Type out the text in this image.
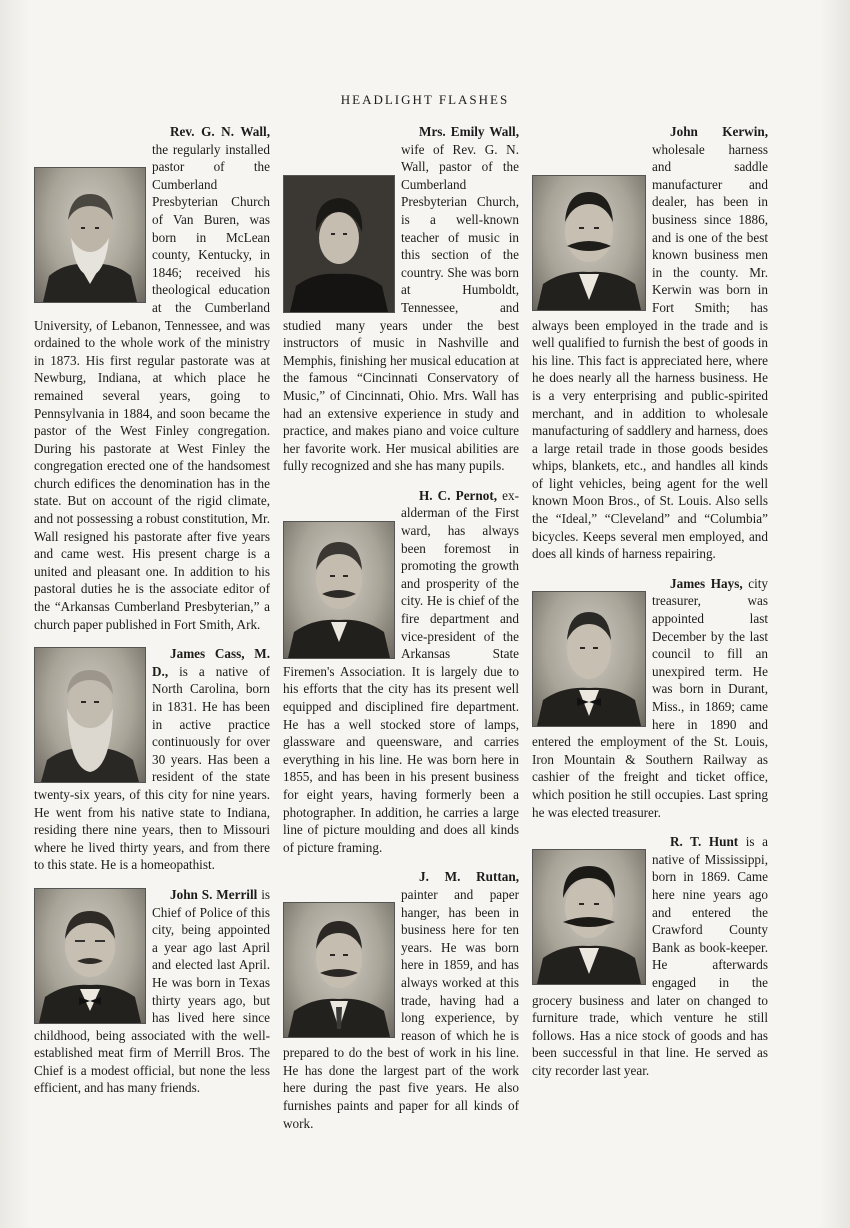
HEADLIGHT FLASHES

Rev. G. N. Wall, the regularly installed pastor of the Cumberland Presbyterian Church of Van Buren, was born in McLean county, Kentucky, in 1846; received his theological education at the Cumberland University, of Lebanon, Tennessee, and was ordained to the whole work of the ministry in 1873. His first regular pastorate was at Newburg, Indiana, at which place he remained several years, going to Pennsylvania in 1884, and soon became the pastor of the West Finley congregation. During his pastorate at West Finley the congregation erected one of the handsomest church edifices the denomination has in the state. But on account of the rigid climate, and not possessing a robust constitution, Mr. Wall resigned his pastorate after five years and came west. His present charge is a united and pleasant one. In addition to his pastoral duties he is the associate editor of the “Arkansas Cumberland Presbyterian,” a church paper published in Fort Smith, Ark.

James Cass, M. D., is a native of North Carolina, born in 1831. He has been in active practice continuously for over 30 years. Has been a resident of the state twenty-six years, of this city for nine years. He went from his native state to Indiana, residing there nine years, then to Missouri where he lived thirty years, and from there to this state. He is a homeopathist.

John S. Merrill is Chief of Police of this city, being appointed a year ago last April and elected last April. He was born in Texas thirty years ago, but has lived here since childhood, being associated with the well-established meat firm of Merrill Bros. The Chief is a modest official, but none the less efficient, and has many friends.

Mrs. Emily Wall, wife of Rev. G. N. Wall, pastor of the Cumberland Presbyterian Church, is a well-known teacher of music in this section of the country. She was born at Humboldt, Tennessee, and studied many years under the best instructors of music in Nashville and Memphis, finishing her musical education at the famous “Cincinnati Conservatory of Music,” of Cincinnati, Ohio. Mrs. Wall has had an extensive experience in study and practice, and makes piano and voice culture her favorite work. Her musical abilities are fully recognized and she has many pupils.

H. C. Pernot, ex-alderman of the First ward, has always been foremost in promoting the growth and prosperity of the city. He is chief of the fire department and vice-president of the Arkansas State Firemen's Association. It is largely due to his efforts that the city has its present well equipped and disciplined fire department. He has a well stocked store of lamps, glassware and queensware, and carries everything in his line. He was born here in 1855, and has been in his present business for eight years, having formerly been a photographer. In addition, he carries a large line of picture moulding and does all kinds of picture framing.

J. M. Ruttan, painter and paper hanger, has been in business here for ten years. He was born here in 1859, and has always worked at this trade, having had a long experience, by reason of which he is prepared to do the best of work in his line. He has done the largest part of the work here during the past five years. He also furnishes paints and paper for all kinds of work.

John Kerwin, wholesale harness and saddle manufacturer and dealer, has been in business since 1886, and is one of the best known business men in the county. Mr. Kerwin was born in Fort Smith; has always been employed in the trade and is well qualified to furnish the best of goods in his line. This fact is appreciated here, where he does nearly all the harness business. He is a very enterprising and public-spirited merchant, and in addition to wholesale manufacturing of saddlery and harness, does a large retail trade in those goods besides whips, blankets, etc., and handles all kinds of light vehicles, being agent for the well known Moon Bros., of St. Louis. Also sells the “Ideal,” “Cleveland” and “Columbia” bicycles. Keeps several men employed, and does all kinds of harness repairing.

James Hays, city treasurer, was appointed last December by the last council to fill an unexpired term. He was born in Durant, Miss., in 1869; came here in 1890 and entered the employment of the St. Louis, Iron Mountain & Southern Railway as cashier of the freight and ticket office, which position he still occupies. Last spring he was elected treasurer.

R. T. Hunt is a native of Mississippi, born in 1869. Came here nine years ago and entered the Crawford County Bank as book-keeper. He afterwards engaged in the grocery business and later on changed to furniture trade, which venture he still follows. Has a nice stock of goods and has been successful in that line. He served as city recorder last year.
